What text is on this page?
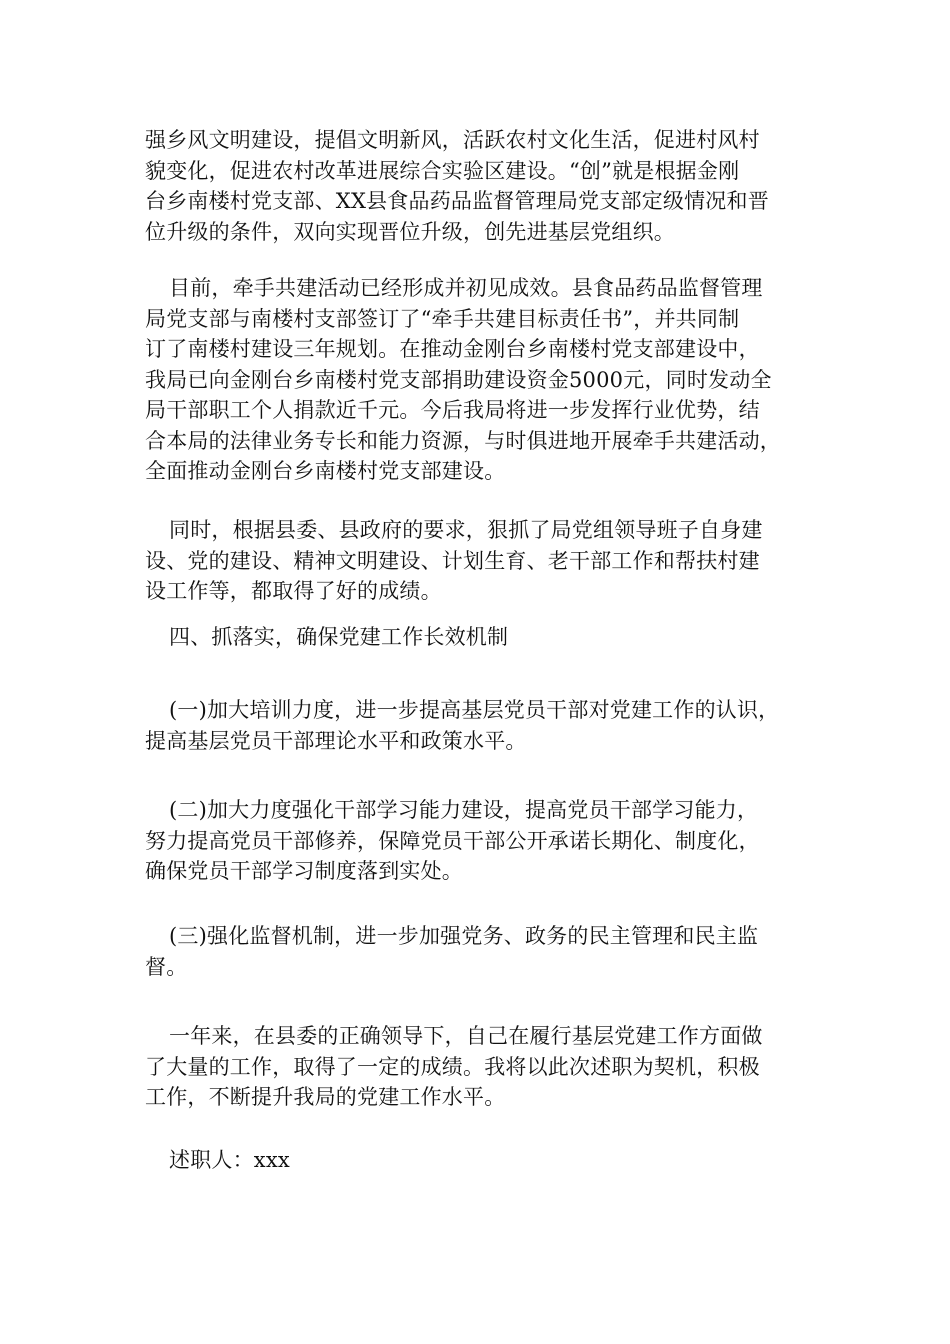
强乡风文明建设，提倡文明新风，活跃农村文化生活，促进村风村
貌变化，促进农村改革进展综合实验区建设。“创”就是根据金刚
台乡南楼村党支部、XX县食品药品监督管理局党支部定级情况和晋
位升级的条件，双向实现晋位升级，创先进基层党组织。

目前，牵手共建活动已经形成并初见成效。县食品药品监督管理
局党支部与南楼村支部签订了“牵手共建目标责任书”，并共同制
订了南楼村建设三年规划。在推动金刚台乡南楼村党支部建设中，
我局已向金刚台乡南楼村党支部捐助建设资金5000元，同时发动全
局干部职工个人捐款近千元。今后我局将进一步发挥行业优势，结
合本局的法律业务专长和能力资源，与时俱进地开展牵手共建活动，
全面推动金刚台乡南楼村党支部建设。

同时，根据县委、县政府的要求，狠抓了局党组领导班子自身建
设、党的建设、精神文明建设、计划生育、老干部工作和帮扶村建
设工作等，都取得了好的成绩。

四、抓落实，确保党建工作长效机制

(一)加大培训力度，进一步提高基层党员干部对党建工作的认识，
提高基层党员干部理论水平和政策水平。

(二)加大力度强化干部学习能力建设，提高党员干部学习能力，
努力提高党员干部修养，保障党员干部公开承诺长期化、制度化，
确保党员干部学习制度落到实处。

(三)强化监督机制，进一步加强党务、政务的民主管理和民主监
督。

一年来，在县委的正确领导下，自己在履行基层党建工作方面做
了大量的工作，取得了一定的成绩。我将以此次述职为契机，积极
工作，不断提升我局的党建工作水平。

述职人：xxx
